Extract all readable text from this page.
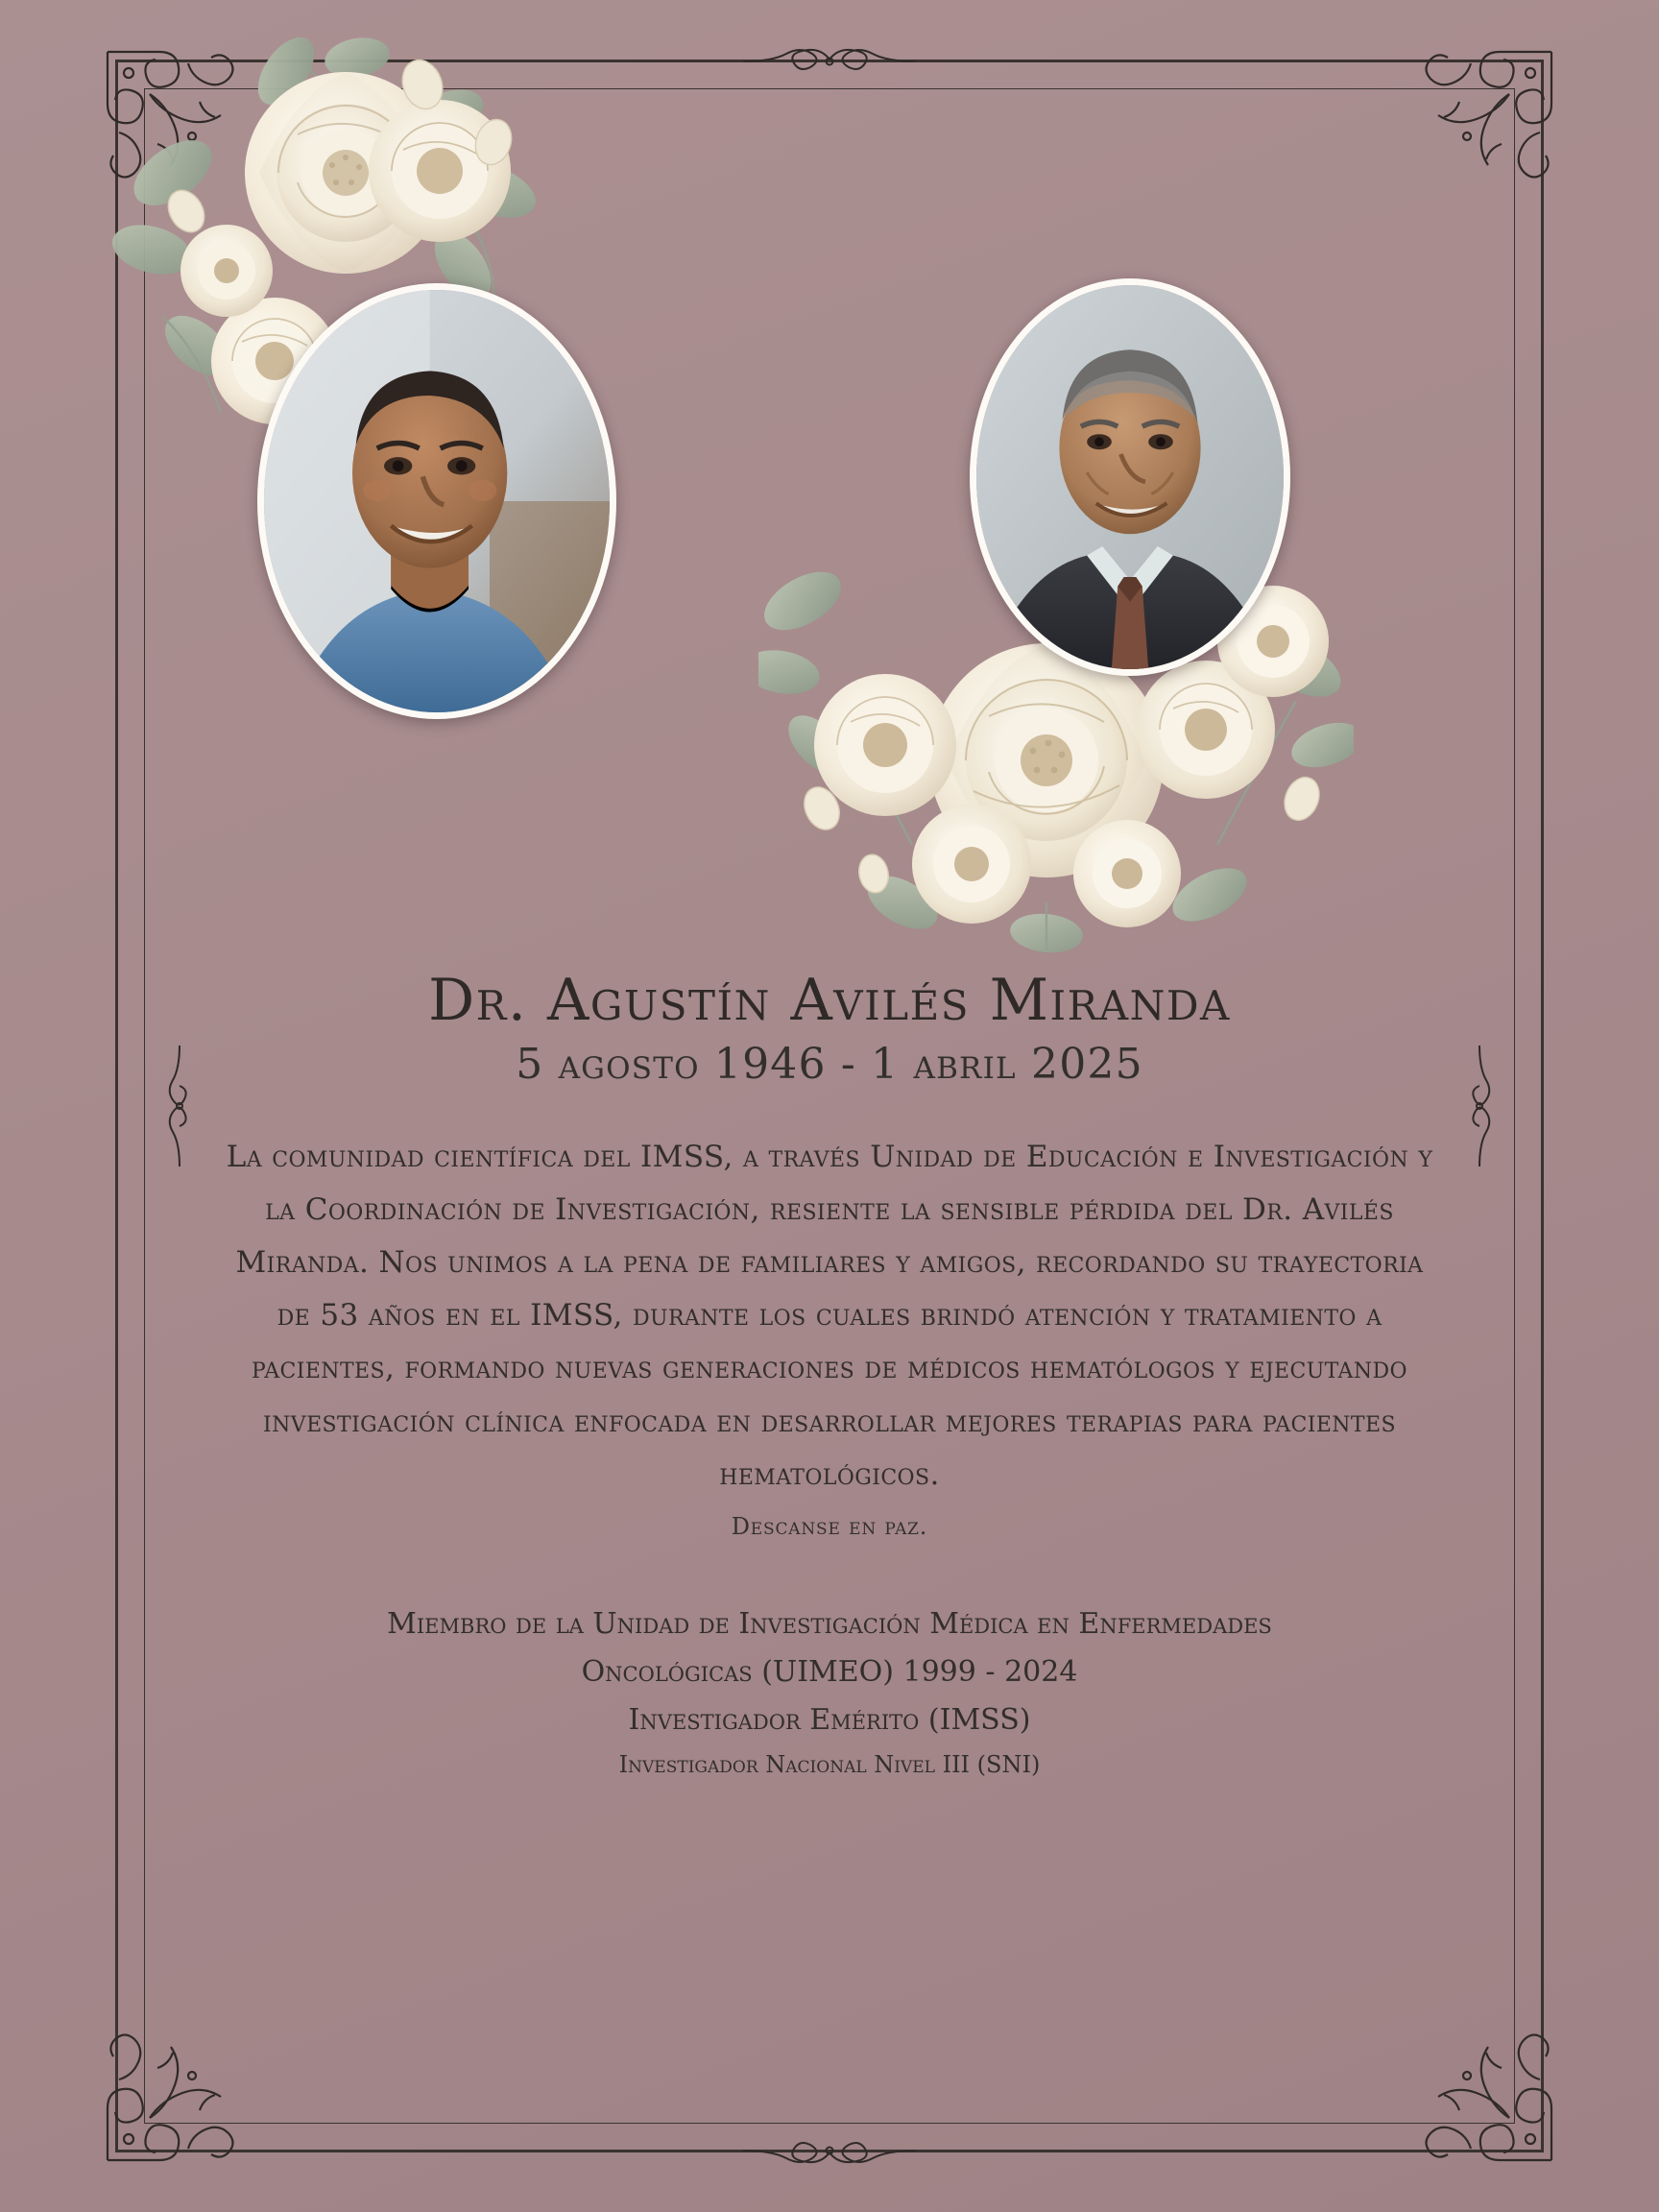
Dr. Agustín Avilés Miranda
5 agosto 1946 - 1 abril 2025

La comunidad científica del IMSS, a través Unidad de Educación e Investigación y la Coordinación de Investigación, resiente la sensible pérdida del Dr. Avilés Miranda. Nos unimos a la pena de familiares y amigos, recordando su trayectoria de 53 años en el IMSS, durante los cuales brindó atención y tratamiento a pacientes, formando nuevas generaciones de médicos hematólogos y ejecutando investigación clínica enfocada en desarrollar mejores terapias para pacientes hematológicos.

Descanse en paz.

Miembro de la Unidad de Investigación Médica en Enfermedades

Oncológicas (UIMEO) 1999 - 2024

Investigador Emérito (IMSS)

Investigador Nacional Nivel III (SNI)
